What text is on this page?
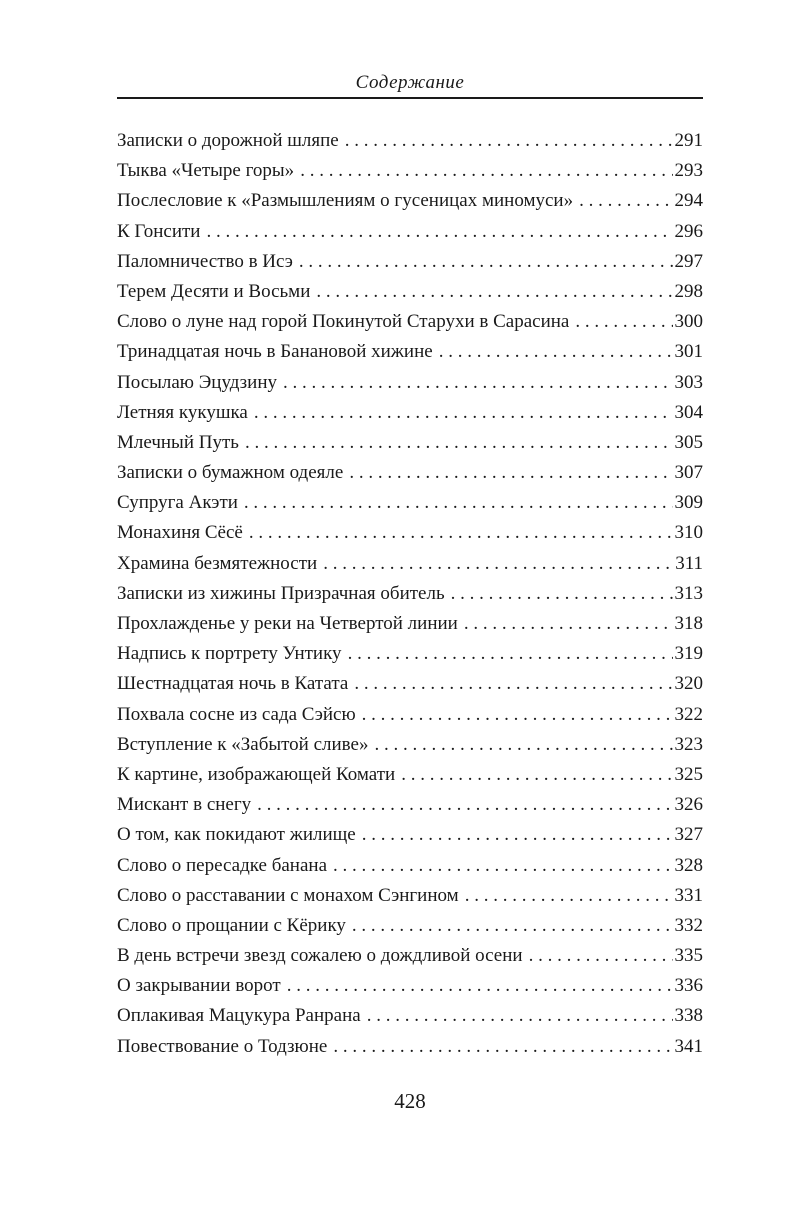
Содержание
Записки о дорожной шляпе . . .	291
Тыква «Четыре горы» . . .	293
Послесловие к «Размышлениям о гусеницах миномуси» . . .	294
К Гонсити . . .	296
Паломничество в Исэ . . .	297
Терем Десяти и Восьми . . .	298
Слово о луне над горой Покинутой Старухи в Сарасина . . .	300
Тринадцатая ночь в Банановой хижине . . .	301
Посылаю Эцудзину . . .	303
Летняя кукушка . . .	304
Млечный Путь . . .	305
Записки о бумажном одеяле . . .	307
Супруга Акэти . . .	309
Монахиня Сёсё . . .	310
Храмина безмятежности . . .	311
Записки из хижины Призрачная обитель . . .	313
Прохлажденье у реки на Четвертой линии . . .	318
Надпись к портрету Унтику . . .	319
Шестнадцатая ночь в Катата . . .	320
Похвала сосне из сада Сэйсю . . .	322
Вступление к «Забытой сливе» . . .	323
К картине, изображающей Комати . . .	325
Мискант в снегу . . .	326
О том, как покидают жилище . . .	327
Слово о пересадке банана . . .	328
Слово о расставании с монахом Сэнгином . . .	331
Слово о прощании с Кёрику . . .	332
В день встречи звезд сожалею о дождливой осени . . .	335
О закрывании ворот . . .	336
Оплакивая Мацукура Ранрана . . .	338
Повествование о Тодзюне . . .	341
428
